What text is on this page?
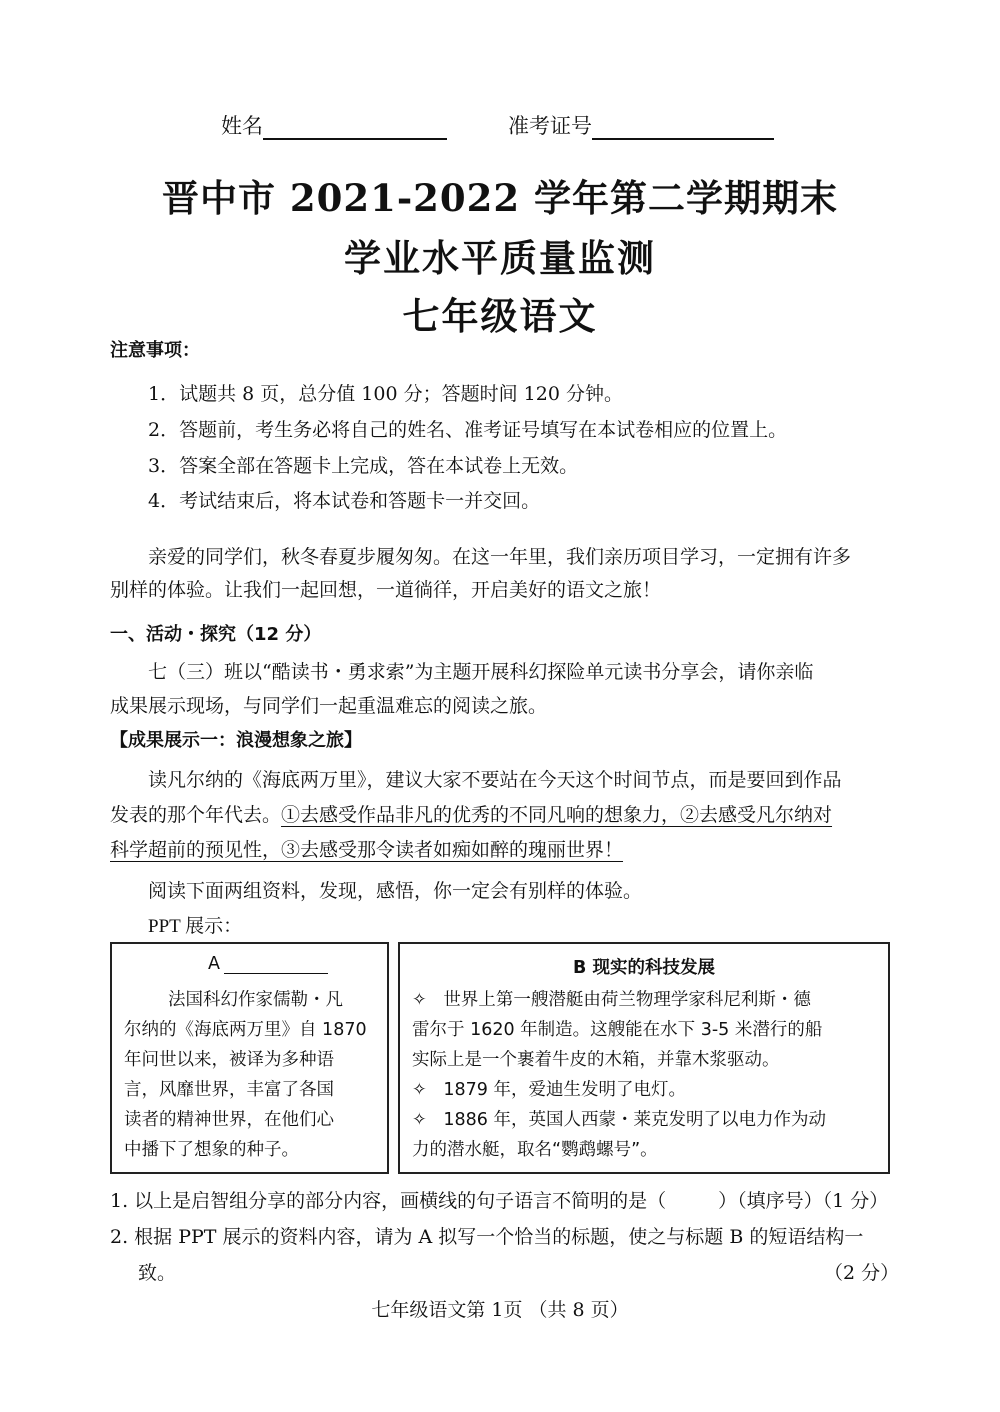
姓名	准考证号
晋中市 2021-2022 学年第二学期期末
学业水平质量监测
七年级语文
注意事项：
1．试题共 8 页，总分值 100 分；答题时间 120 分钟。
2．答题前，考生务必将自己的姓名、准考证号填写在本试卷相应的位置上。
3．答案全部在答题卡上完成，答在本试卷上无效。
4．考试结束后，将本试卷和答题卡一并交回。
亲爱的同学们，秋冬春夏步履匆匆。在这一年里，我们亲历项目学习，一定拥有许多
别样的体验。让我们一起回想，一道徜徉，开启美好的语文之旅！
一、活动・探究（12 分）
七（三）班以“酷读书・勇求索”为主题开展科幻探险单元读书分享会，请你亲临
成果展示现场，与同学们一起重温难忘的阅读之旅。
【成果展示一：浪漫想象之旅】
读凡尔纳的《海底两万里》，建议大家不要站在今天这个时间节点，而是要回到作品
发表的那个年代去。①去感受作品非凡的优秀的不同凡响的想象力，②去感受凡尔纳对
科学超前的预见性，③去感受那令读者如痴如醉的瑰丽世界！
阅读下面两组资料，发现，感悟，你一定会有别样的体验。
PPT 展示：
A
法国科幻作家儒勒・凡
尔纳的《海底两万里》自 1870
年问世以来，被译为多种语
言，风靡世界，丰富了各国
读者的精神世界，在他们心
中播下了想象的种子。
B 现实的科技发展
✧ 世界上第一艘潜艇由荷兰物理学家科尼利斯・德
雷尔于 1620 年制造。这艘能在水下 3-5 米潜行的船
实际上是一个裹着牛皮的木箱，并靠木浆驱动。
✧ 1879 年，爱迪生发明了电灯。
✧ 1886 年，英国人西蒙・莱克发明了以电力作为动
力的潜水艇，取名“鹦鹉螺号”。
1. 以上是启智组分享的部分内容，画横线的句子语言不简明的是（	）（填序号）（1 分）
2. 根据 PPT 展示的资料内容，请为 A 拟写一个恰当的标题，使之与标题 B 的短语结构一
致。	（2 分）
七年级语文第 1页 （共 8 页）
